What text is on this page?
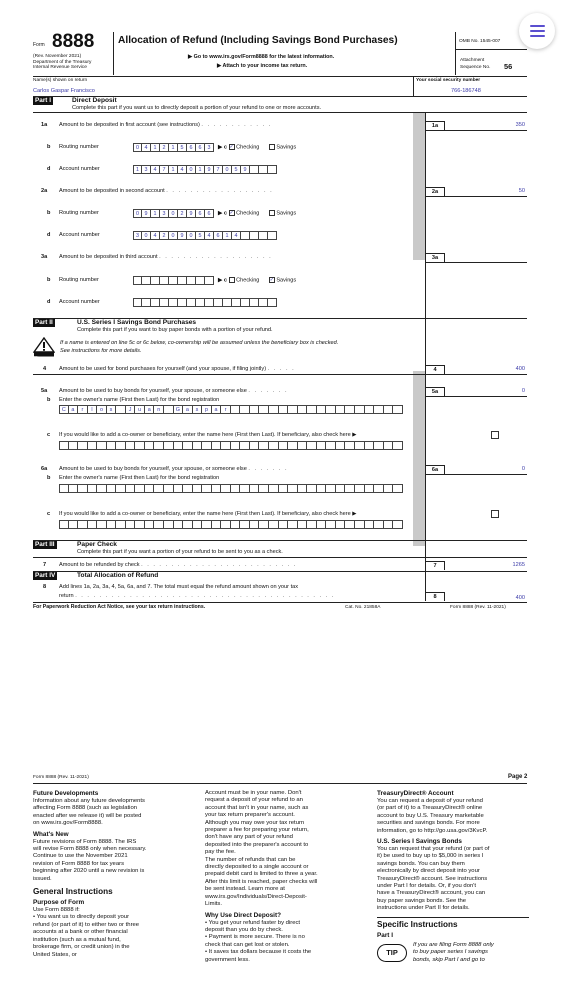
Form 8888
(Rev. November 2021)
Department of the Treasury
Internal Revenue Service
Allocation of Refund (Including Savings Bond Purchases)
▶ Go to www.irs.gov/Form8888 for the latest information.
▶ Attach to your income tax return.
OMB No. 1545-007
Attachment
Sequence No. 56
Name(s) shown on return	Your social security number
Carlos Gaspar Francisco	766-186748
Part I	Direct Deposit
Complete this part if you want us to directly deposit a portion of your refund to one or more accounts.
1a Amount to be deposited in first account (see instructions) . . . . . . . . . . . .	1a	350
b Routing number	0	4	1	2	1	5	6	6	3	▶ c ✓ Checking	Savings
d Account number	1	3	4	7	1	4	0	1	9	7	0	5	9
2a Amount to be deposited in second account . . . . . . . . . . . . . . . . . .	2a	50
b Routing number	0	9	1	3	0	2	9	6	6	▶ c ✓ Checking	Savings
d Account number	3	0	4	2	0	9	0	5	4	6	1	4
3a Amount to be deposited in third account . . . . . . . . . . . . . . . . . . .	3a
b Routing number	▶ c Checking ✓ Savings
d Account number
Part II	U.S. Series I Savings Bond Purchases
Complete this part if you want to buy paper bonds with a portion of your refund.
CAUTION
If a name is entered on line 5c or 6c below, co-ownership will be assumed unless the beneficiary box is checked.
See instructions for more details.
4 Amount to be used for bond purchases for yourself (and your spouse, if filing jointly) . . . . .	4	400
5a Amount to be used to buy bonds for yourself, your spouse, or someone else . . . . . . .	5a	0
b Enter the owner's name (First then Last) for the bond registration
C	a	r	l	o	s	J	u	a	n	G	a	s	p	a	r
c If you would like to add a co-owner or beneficiary, enter the name here (First then Last). If beneficiary, also check here ▶
6a Amount to be used to buy bonds for yourself, your spouse, or someone else . . . . . . .	6a	0
b Enter the owner's name (First then Last) for the bond registration
c If you would like to add a co-owner or beneficiary, enter the name here (First then Last). If beneficiary, also check here ▶
Part III	Paper Check
Complete this part if you want a portion of your refund to be sent to you as a check.
7 Amount to be refunded by check . . . . . . . . . . . . . . . . . . . . . . . . . .	7	1265
Part IV	Total Allocation of Refund
8 Add lines 1a, 2a, 3a, 4, 5a, 6a, and 7. The total must equal the refund amount shown on your tax
return . . . . . . . . . . . . . . . . . . . . . . . . . . . . . . . . . . . . . . . . . . .	8	400
For Paperwork Reduction Act Notice, see your tax return instructions.	Cat. No. 21858A	Form 8888 (Rev. 11-2021)
Form 8888 (Rev. 11-2021)	Page 2
Future Developments
Information about any future developments
affecting Form 8888 (such as legislation
enacted after we release it) will be posted
on www.irs.gov/Form8888.
What's New
Future revisions of Form 8888. The IRS
will revise Form 8888 only when necessary.
Continue to use the November 2021
revision of Form 8888 for tax years
beginning after 2020 until a new revision is
issued.
General Instructions
Purpose of Form
Use Form 8888 if:
• You want us to directly deposit your
refund (or part of it) to either two or three
accounts at a bank or other financial
institution (such as a mutual fund,
brokerage firm, or credit union) in the
United States, or
Account must be in your name. Don't
request a deposit of your refund to an
account that isn't in your name, such as
your tax return preparer's account.
Although you may owe your tax return
preparer a fee for preparing your return,
don't have any part of your refund
deposited into the preparer's account to
pay the fee.
The number of refunds that can be
directly deposited to a single account or
prepaid debit card is limited to three a year.
After this limit is reached, paper checks will
be sent instead. Learn more at
www.irs.gov/Individuals/Direct-Deposit-
Limits.
Why Use Direct Deposit?
• You get your refund faster by direct
deposit than you do by check.
• Payment is more secure. There is no
check that can get lost or stolen.
• It saves tax dollars because it costs the
government less.
TreasuryDirect® Account
You can request a deposit of your refund
(or part of it) to a TreasuryDirect® online
account to buy U.S. Treasury marketable
securities and savings bonds. For more
information, go to http://go.usa.gov/3KvcP.
U.S. Series I Savings Bonds
You can request that your refund (or part of
it) be used to buy up to $5,000 in series I
savings bonds. You can buy them
electronically by direct deposit into your
TreasuryDirect® account. See instructions
under Part I for details. Or, if you don't
have a TreasuryDirect® account, you can
buy paper savings bonds. See the
instructions under Part II for details.
Specific Instructions
Part I
TIP
If you are filing Form 8888 only
to buy paper series I savings
bonds, skip Part I and go to
